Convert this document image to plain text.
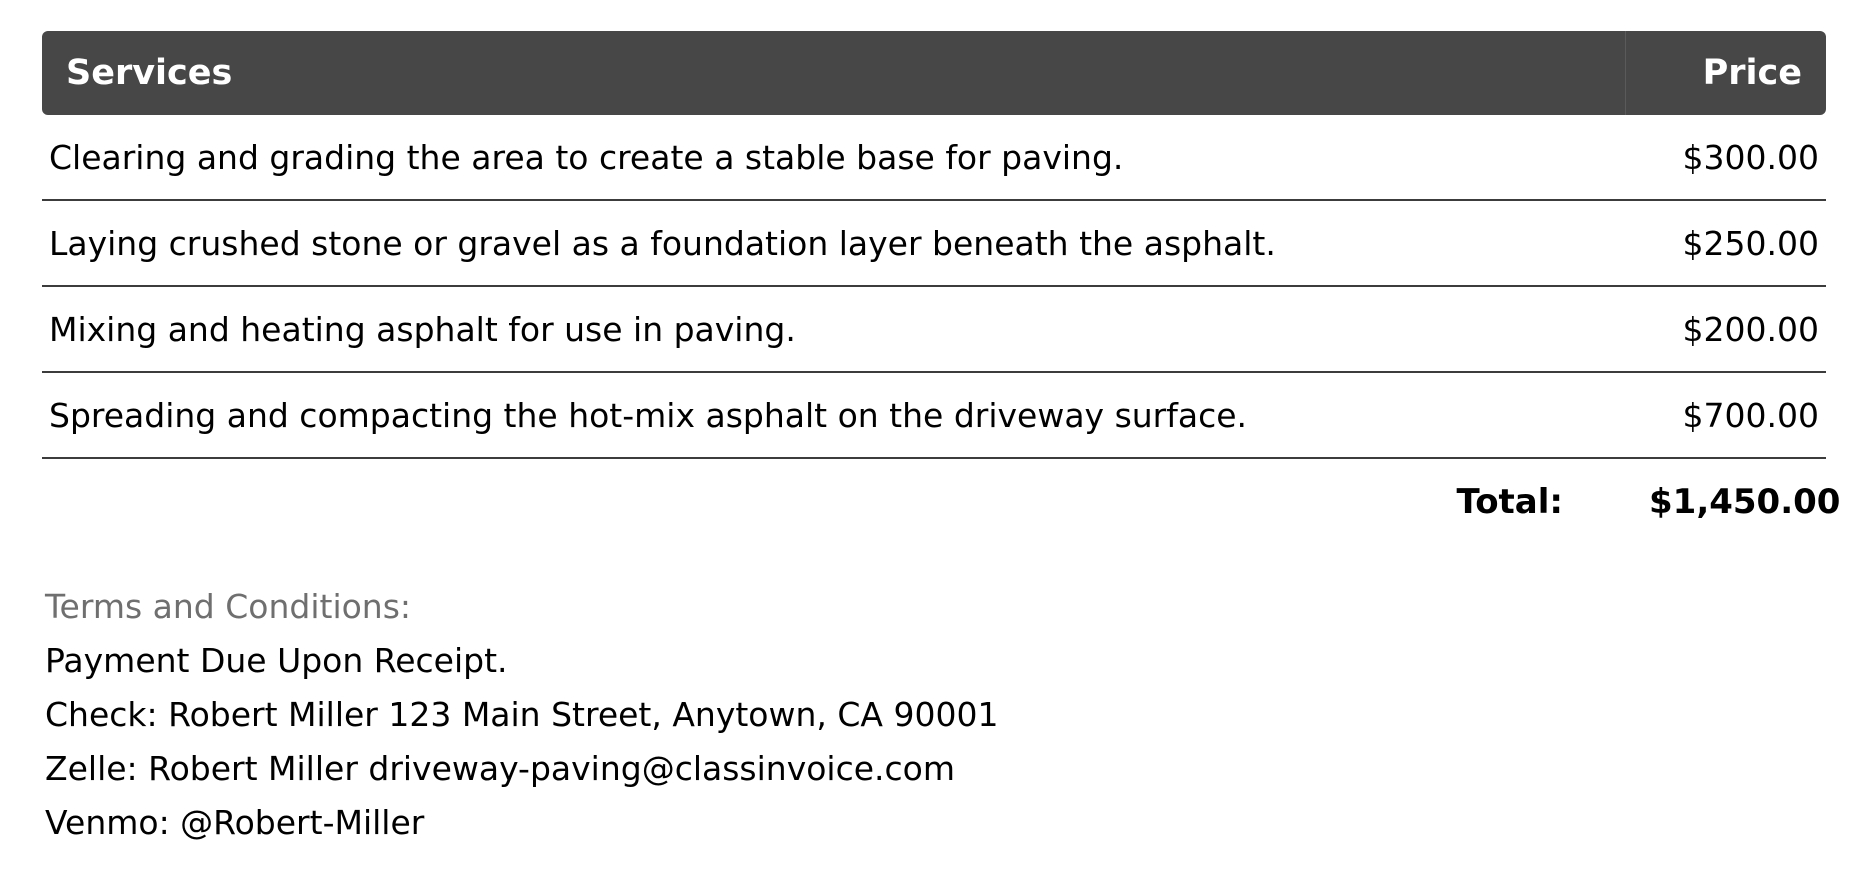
Services	Price
Clearing and grading the area to create a stable base for paving.	$300.00
Laying crushed stone or gravel as a foundation layer beneath the asphalt.	$250.00
Mixing and heating asphalt for use in paving.	$200.00
Spreading and compacting the hot-mix asphalt on the driveway surface.	$700.00
Total:	$1,450.00
Terms and Conditions:
Payment Due Upon Receipt.
Check: Robert Miller 123 Main Street, Anytown, CA 90001
Zelle: Robert Miller driveway-paving@classinvoice.com
Venmo: @Robert-Miller
